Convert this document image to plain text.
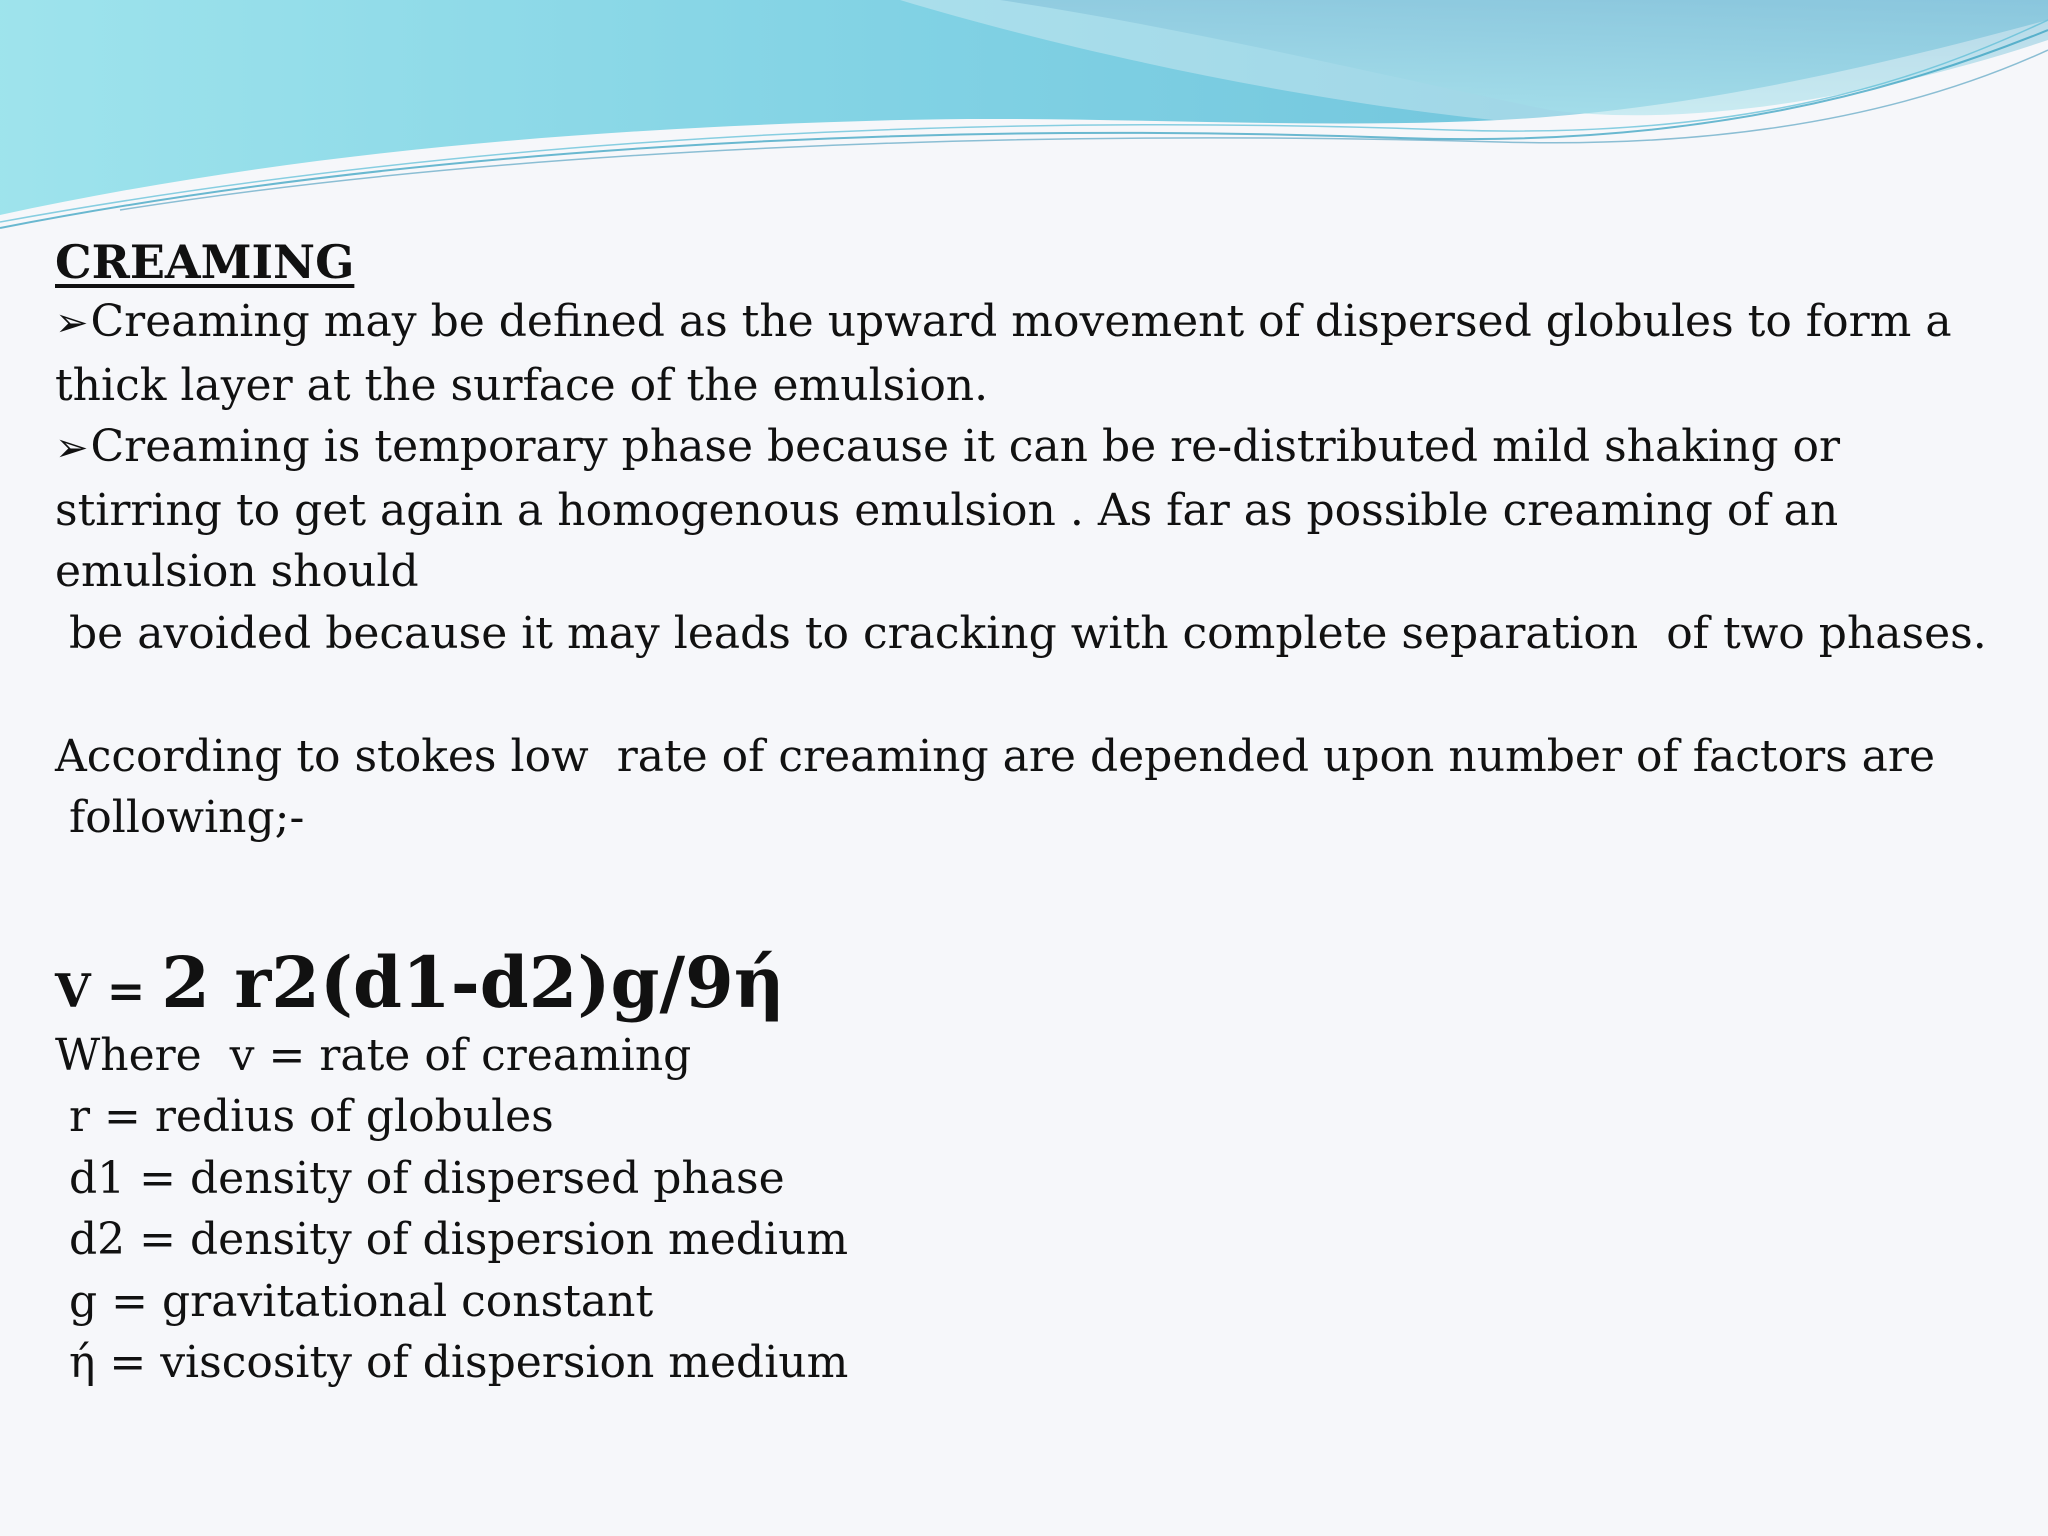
CREAMING

➢Creaming may be defined as the upward movement of dispersed globules to form a thick layer at the surface of the emulsion.

➢Creaming is temporary phase because it can be re-distributed mild shaking or stirring to get again a homogenous emulsion . As far as possible creaming of an emulsion should
be avoided because it may leads to cracking with complete separation  of two phases.

According to stokes low  rate of creaming are depended upon number of factors are
following;-

V = 2 r2(d1-d2)g/9ή

Where  v = rate of creaming

r = redius of globules

d1 = density of dispersed phase

d2 = density of dispersion medium

g = gravitational constant

ή = viscosity of dispersion medium
